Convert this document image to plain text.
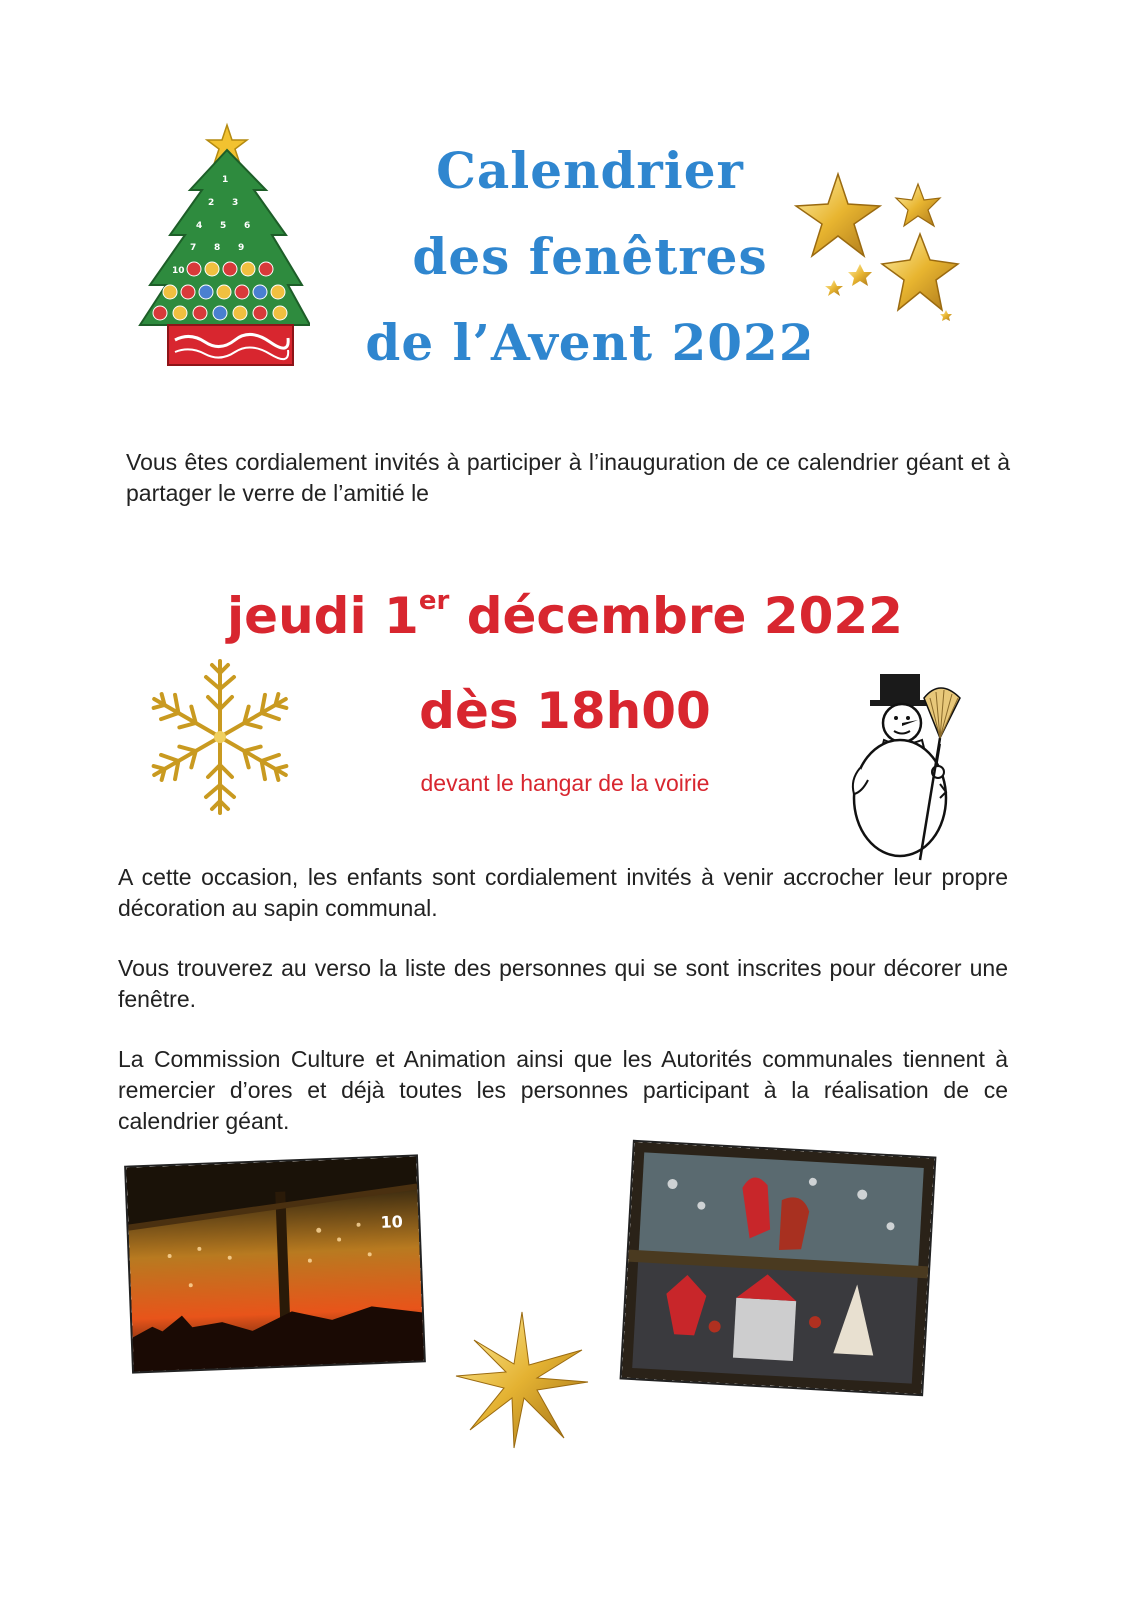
1
2 3
4 5 6
7 8 9
10
Calendrier
des fenêtres
de l’Avent 2022
Vous êtes cordialement invités à participer à l’inauguration de ce calendrier géant et à partager le verre de l’amitié le
jeudi 1er décembre 2022
dès 18h00
devant le hangar de la voirie
A cette occasion, les enfants sont cordialement invités à venir accrocher leur propre décoration au sapin communal.
Vous trouverez au verso la liste des personnes qui se sont inscrites pour décorer une fenêtre.
La Commission Culture et Animation ainsi que les Autorités communales tiennent à remercier d’ores et déjà toutes les personnes participant à la réalisation de ce calendrier géant.
10
